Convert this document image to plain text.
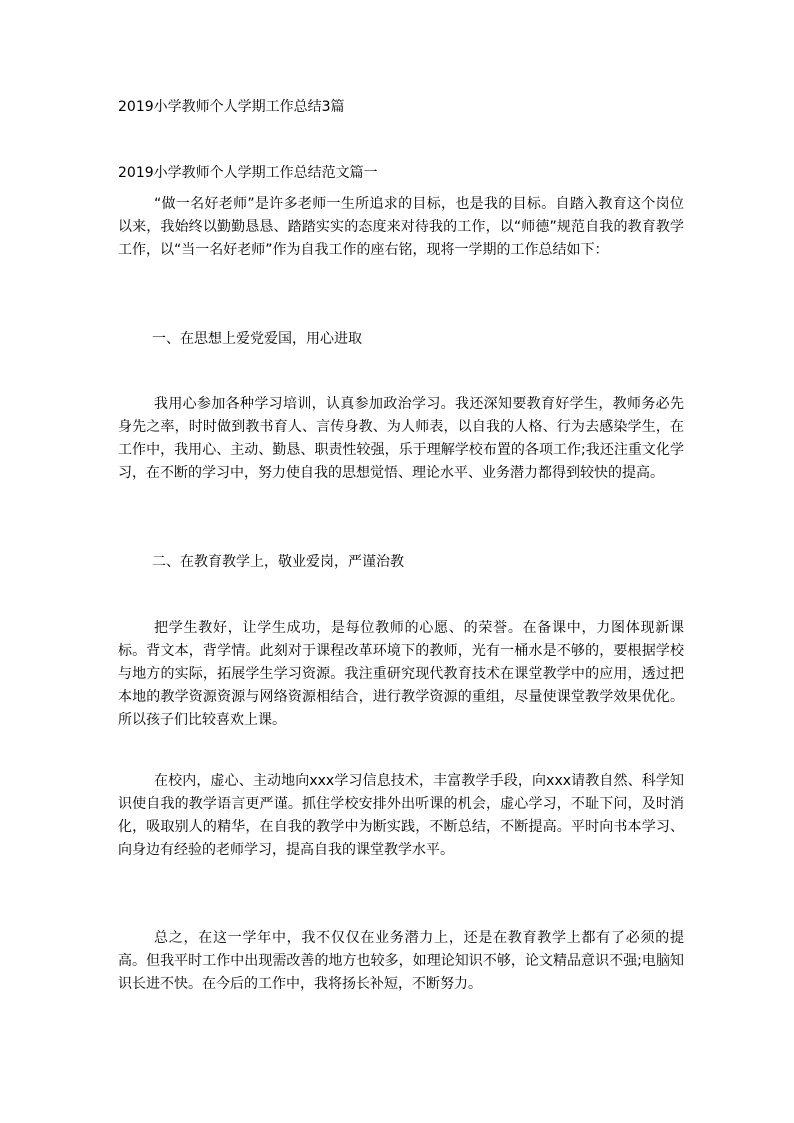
2019小学教师个人学期工作总结3篇
2019小学教师个人学期工作总结范文篇一

“做一名好老师”是许多老师一生所追求的目标，也是我的目标。自踏入教育这个岗位以来，我始终以勤勤恳恳、踏踏实实的态度来对待我的工作，以“师德”规范自我的教育教学工作，以“当一名好老师”作为自我工作的座右铭，现将一学期的工作总结如下：

一、在思想上爱党爱国，用心进取

我用心参加各种学习培训，认真参加政治学习。我还深知要教育好学生，教师务必先身先之率，时时做到教书育人、言传身教、为人师表，以自我的人格、行为去感染学生，在工作中，我用心、主动、勤恳、职责性较强，乐于理解学校布置的各项工作;我还注重文化学习，在不断的学习中，努力使自我的思想觉悟、理论水平、业务潜力都得到较快的提高。

二、在教育教学上，敬业爱岗，严谨治教

把学生教好，让学生成功，是每位教师的心愿、的荣誉。在备课中，力图体现新课标。背文本，背学情。此刻对于课程改革环境下的教师，光有一桶水是不够的，要根据学校与地方的实际，拓展学生学习资源。我注重研究现代教育技术在课堂教学中的应用，透过把本地的教学资源资源与网络资源相结合，进行教学资源的重组，尽量使课堂教学效果优化。所以孩子们比较喜欢上课。

在校内，虚心、主动地向xxx学习信息技术，丰富教学手段，向xxx请教自然、科学知识使自我的教学语言更严谨。抓住学校安排外出听课的机会，虚心学习，不耻下问，及时消化，吸取别人的精华，在自我的教学中为断实践，不断总结，不断提高。平时向书本学习、向身边有经验的老师学习，提高自我的课堂教学水平。

总之，在这一学年中，我不仅仅在业务潜力上，还是在教育教学上都有了必须的提高。但我平时工作中出现需改善的地方也较多，如理论知识不够，论文精品意识不强;电脑知识长进不快。在今后的工作中，我将扬长补短，不断努力。
